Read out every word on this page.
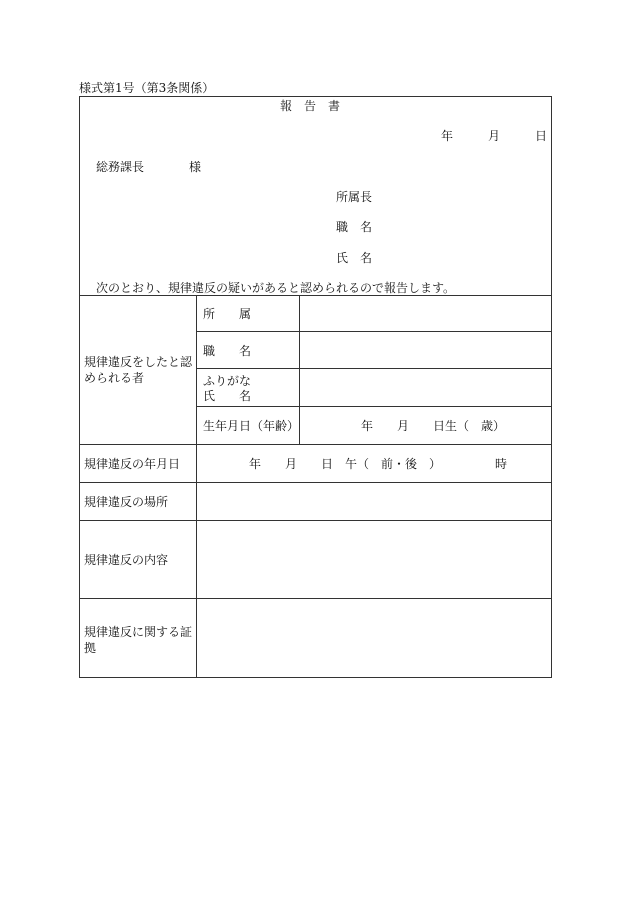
様式第1号（第3条関係）
報　告　書
年	月	日
総務課長	様
所属長
職　名
氏　名
次のとおり、規律違反の疑いがあると認められるので報告します。
規律違反をしたと認められる者
所　　属
職　　名
ふりがな
氏　　名
生年月日（年齢）	年　　月　　日生（　歳）
規律違反の年月日	年　　月　　日　午（　前・後　）　　　　　時
規律違反の場所
規律違反の内容
規律違反に関する証拠
